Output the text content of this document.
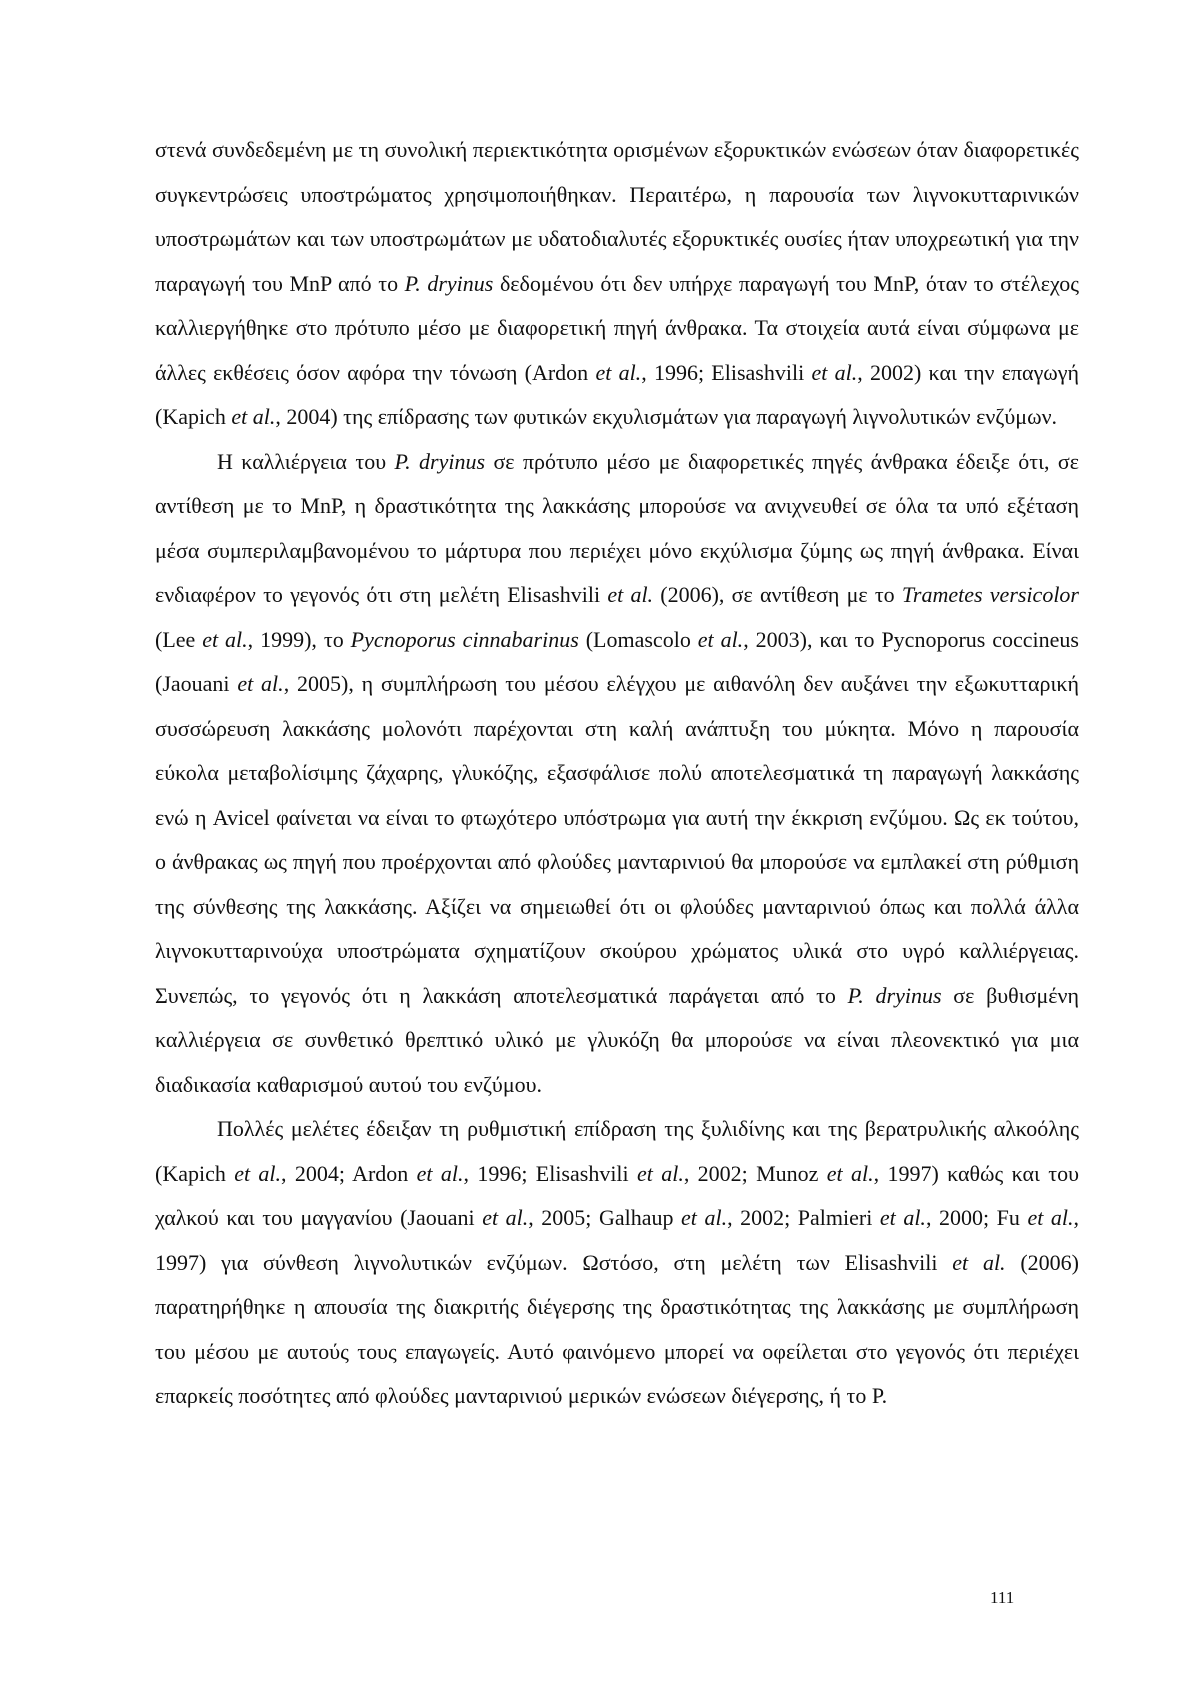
στενά συνδεδεμένη με τη συνολική περιεκτικότητα ορισμένων εξορυκτικών ενώσεων όταν διαφορετικές συγκεντρώσεις υποστρώματος χρησιμοποιήθηκαν. Περαιτέρω, η παρουσία των λιγνοκυτταρινικών υποστρωμάτων και των υποστρωμάτων με υδατοδιαλυτές εξορυκτικές ουσίες ήταν υποχρεωτική για την παραγωγή του MnP από το P. dryinus δεδομένου ότι δεν υπήρχε παραγωγή του MnP, όταν το στέλεχος καλλιεργήθηκε στο πρότυπο μέσο με διαφορετική πηγή άνθρακα. Τα στοιχεία αυτά είναι σύμφωνα με άλλες εκθέσεις όσον αφόρα την τόνωση (Ardon et al., 1996; Elisashvili et al., 2002) και την επαγωγή (Kapich et al., 2004) της επίδρασης των φυτικών εκχυλισμάτων για παραγωγή λιγνολυτικών ενζύμων.

Η καλλιέργεια του P. dryinus σε πρότυπο μέσο με διαφορετικές πηγές άνθρακα έδειξε ότι, σε αντίθεση με το MnP, η δραστικότητα της λακκάσης μπορούσε να ανιχνευθεί σε όλα τα υπό εξέταση μέσα συμπεριλαμβανομένου το μάρτυρα που περιέχει μόνο εκχύλισμα ζύμης ως πηγή άνθρακα. Είναι ενδιαφέρον το γεγονός ότι στη μελέτη Elisashvili et al. (2006), σε αντίθεση με το Trametes versicolor (Lee et al., 1999), το Pycnoporus cinnabarinus (Lomascolo et al., 2003), και το Pycnoporus coccineus (Jaouani et al., 2005), η συμπλήρωση του μέσου ελέγχου με αιθανόλη δεν αυξάνει την εξωκυτταρική συσσώρευση λακκάσης μολονότι παρέχονται στη καλή ανάπτυξη του μύκητα. Μόνο η παρουσία εύκολα μεταβολίσιμης ζάχαρης, γλυκόζης, εξασφάλισε πολύ αποτελεσματικά τη παραγωγή λακκάσης ενώ η Avicel φαίνεται να είναι το φτωχότερο υπόστρωμα για αυτή την έκκριση ενζύμου. Ως εκ τούτου, ο άνθρακας ως πηγή που προέρχονται από φλούδες μανταρινιού θα μπορούσε να εμπλακεί στη ρύθμιση της σύνθεσης της λακκάσης. Αξίζει να σημειωθεί ότι οι φλούδες μανταρινιού όπως και πολλά άλλα λιγνοκυτταρινούχα υποστρώματα σχηματίζουν σκούρου χρώματος υλικά στο υγρό καλλιέργειας. Συνεπώς, το γεγονός ότι η λακκάση αποτελεσματικά παράγεται από το P. dryinus σε βυθισμένη καλλιέργεια σε συνθετικό θρεπτικό υλικό με γλυκόζη θα μπορούσε να είναι πλεονεκτικό για μια διαδικασία καθαρισμού αυτού του ενζύμου.

Πολλές μελέτες έδειξαν τη ρυθμιστική επίδραση της ξυλιδίνης και της βερατρυλικής αλκοόλης (Kapich et al., 2004; Ardon et al., 1996; Elisashvili et al., 2002; Munoz et al., 1997) καθώς και του χαλκού και του μαγγανίου (Jaouani et al., 2005; Galhaup et al., 2002; Palmieri et al., 2000; Fu et al., 1997) για σύνθεση λιγνολυτικών ενζύμων. Ωστόσο, στη μελέτη των Elisashvili et al. (2006) παρατηρήθηκε η απουσία της διακριτής διέγερσης της δραστικότητας της λακκάσης με συμπλήρωση του μέσου με αυτούς τους επαγωγείς. Αυτό φαινόμενο μπορεί να οφείλεται στο γεγονός ότι περιέχει επαρκείς ποσότητες από φλούδες μανταρινιού μερικών ενώσεων διέγερσης, ή το P.

111
